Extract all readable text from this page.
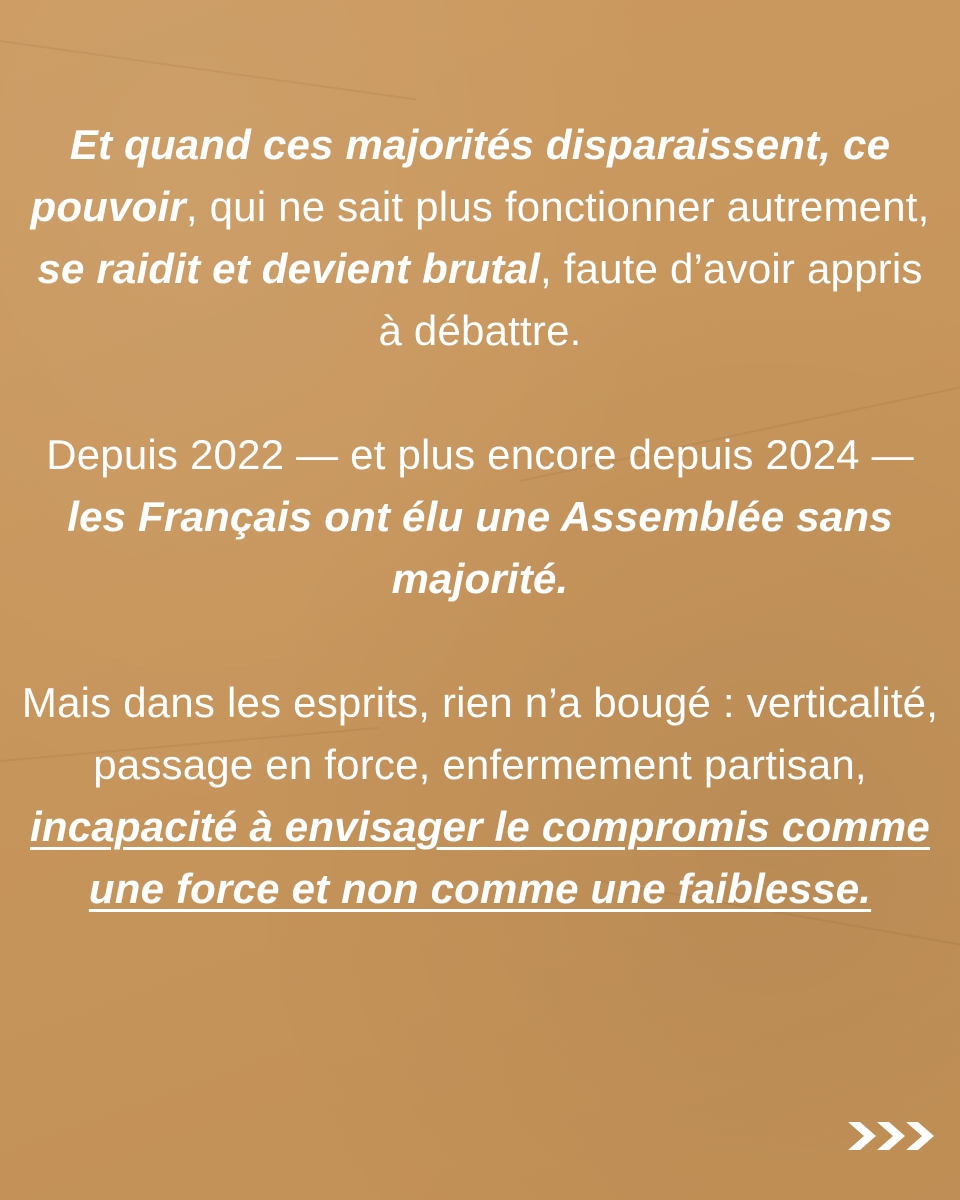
Et quand ces majorités disparaissent, ce pouvoir, qui ne sait plus fonctionner autrement, se raidit et devient brutal, faute d’avoir appris à débattre.

Depuis 2022 — et plus encore depuis 2024 — les Français ont élu une Assemblée sans majorité.

Mais dans les esprits, rien n’a bougé : verticalité, passage en force, enfermement partisan, incapacité à envisager le compromis comme une force et non comme une faiblesse.
